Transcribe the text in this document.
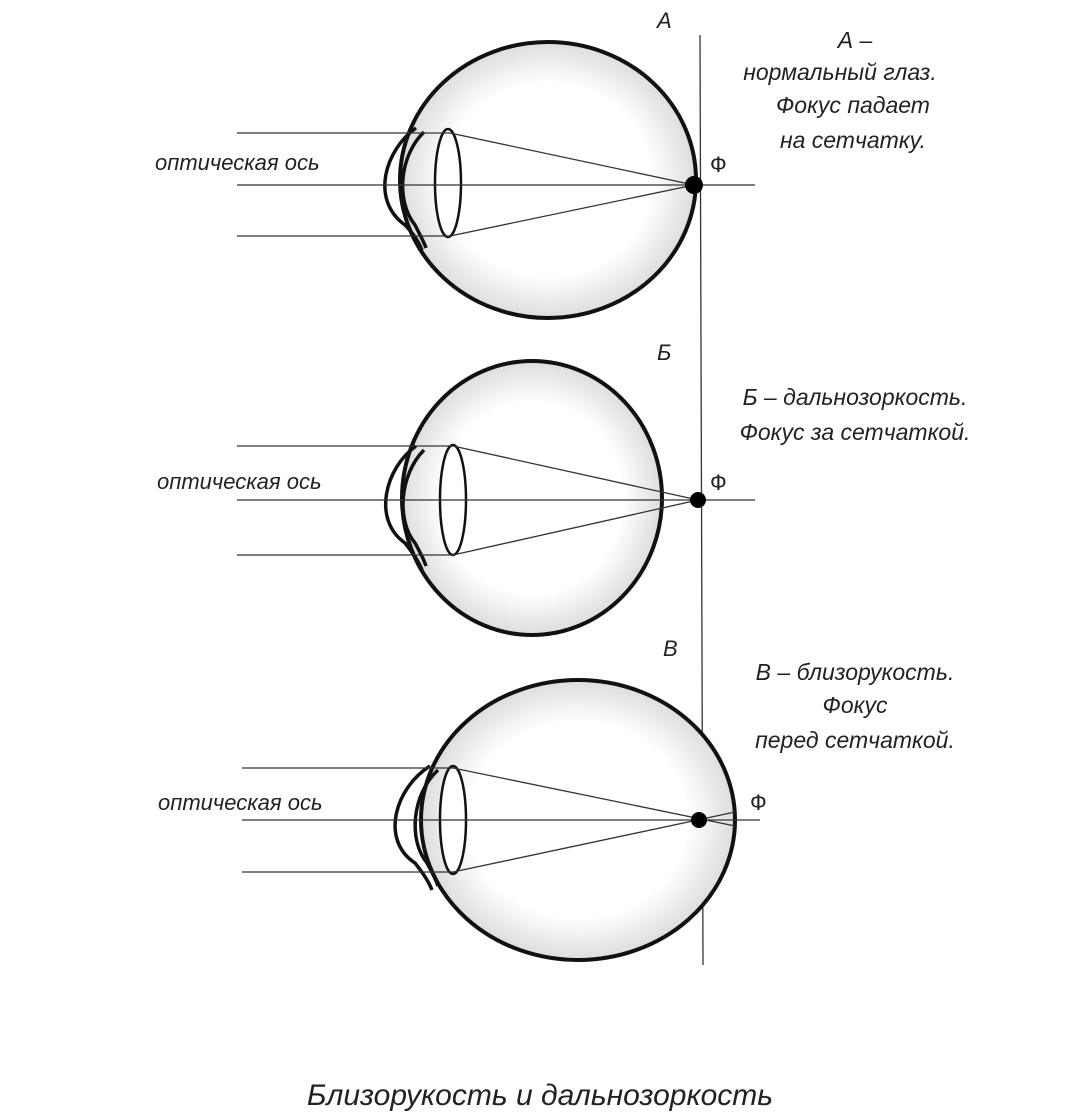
А
оптическая ось	Ф
А –
нормальный глаз.
Фокус падает
на сетчатку.
Б
оптическая ось	Ф
Б – дальнозоркость.
Фокус за сетчаткой.
В
оптическая ось	Ф
В – близорукость.
Фокус
перед сетчаткой.
Близорукость и дальнозоркость
